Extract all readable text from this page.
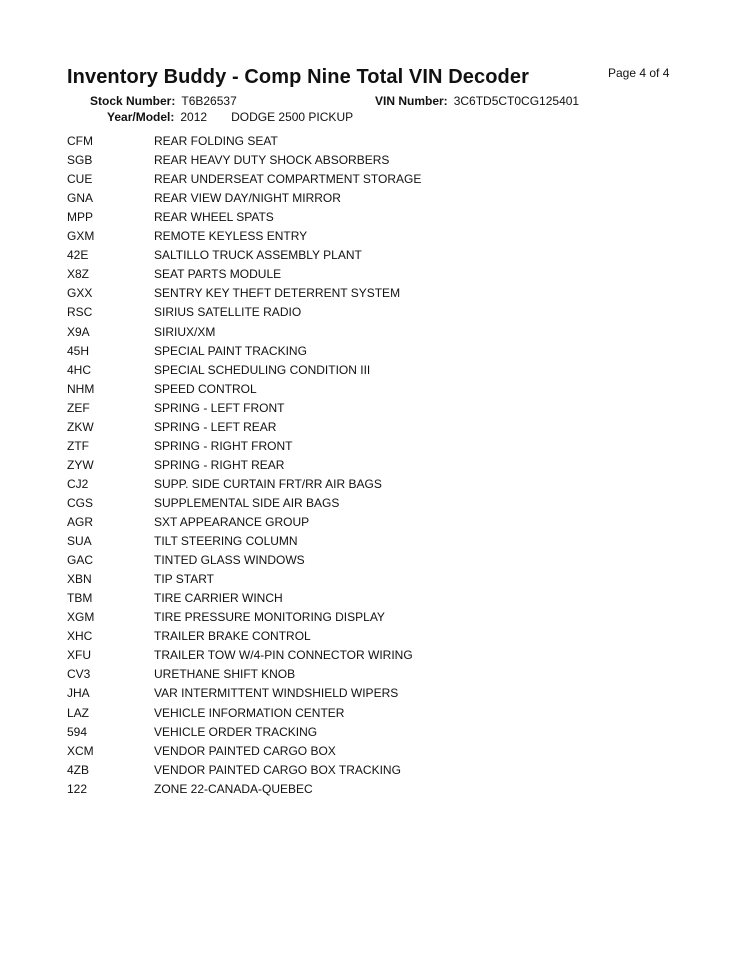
Inventory Buddy - Comp Nine Total VIN Decoder	Page 4 of 4
Stock Number: T6B26537	VIN Number: 3C6TD5CT0CG125401
Year/Model: 2012 DODGE 2500 PICKUP
CFM	REAR FOLDING SEAT
SGB	REAR HEAVY DUTY SHOCK ABSORBERS
CUE	REAR UNDERSEAT COMPARTMENT STORAGE
GNA	REAR VIEW DAY/NIGHT MIRROR
MPP	REAR WHEEL SPATS
GXM	REMOTE KEYLESS ENTRY
42E	SALTILLO TRUCK ASSEMBLY PLANT
X8Z	SEAT PARTS MODULE
GXX	SENTRY KEY THEFT DETERRENT SYSTEM
RSC	SIRIUS SATELLITE RADIO
X9A	SIRIUX/XM
45H	SPECIAL PAINT TRACKING
4HC	SPECIAL SCHEDULING CONDITION III
NHM	SPEED CONTROL
ZEF	SPRING - LEFT FRONT
ZKW	SPRING - LEFT REAR
ZTF	SPRING - RIGHT FRONT
ZYW	SPRING - RIGHT REAR
CJ2	SUPP. SIDE CURTAIN FRT/RR AIR BAGS
CGS	SUPPLEMENTAL SIDE AIR BAGS
AGR	SXT APPEARANCE GROUP
SUA	TILT STEERING COLUMN
GAC	TINTED GLASS WINDOWS
XBN	TIP START
TBM	TIRE CARRIER WINCH
XGM	TIRE PRESSURE MONITORING DISPLAY
XHC	TRAILER BRAKE CONTROL
XFU	TRAILER TOW W/4-PIN CONNECTOR WIRING
CV3	URETHANE SHIFT KNOB
JHA	VAR INTERMITTENT WINDSHIELD WIPERS
LAZ	VEHICLE INFORMATION CENTER
594	VEHICLE ORDER TRACKING
XCM	VENDOR PAINTED CARGO BOX
4ZB	VENDOR PAINTED CARGO BOX TRACKING
122	ZONE 22-CANADA-QUEBEC
